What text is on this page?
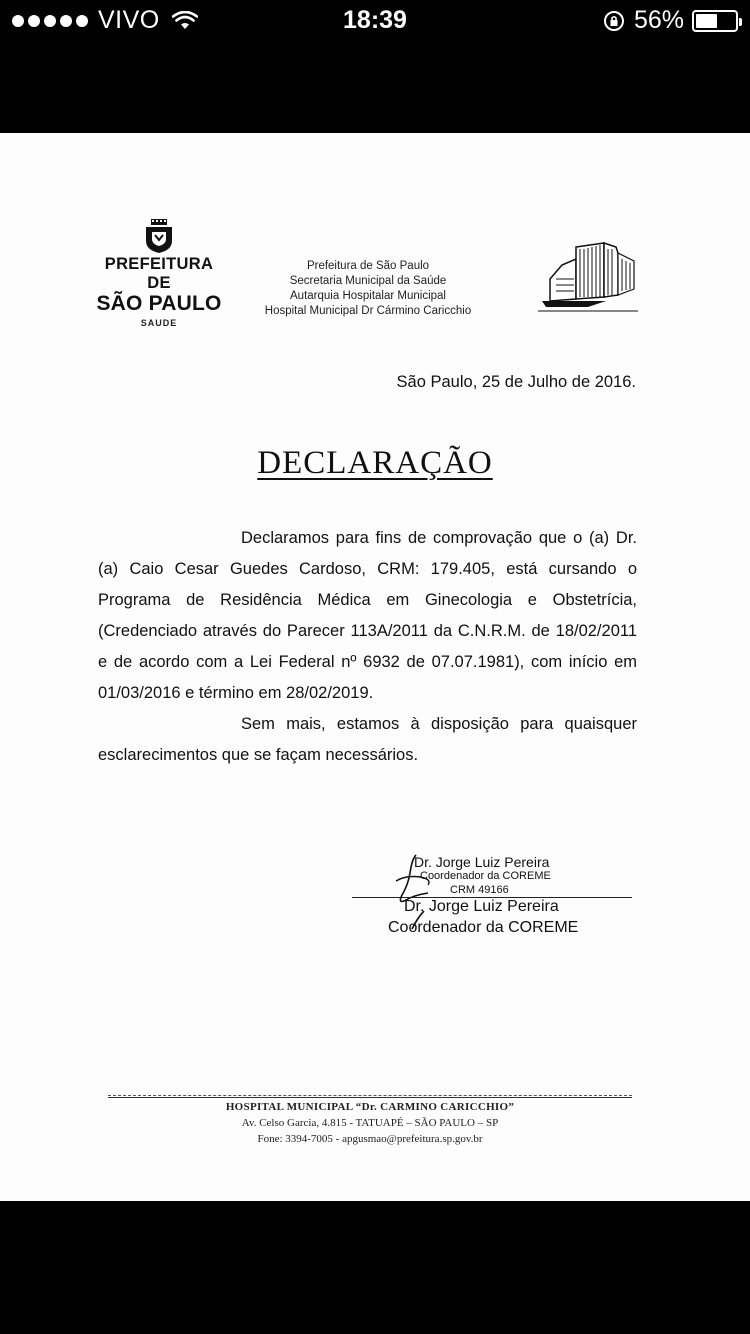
VIVO	18:39	56%
PREFEITURA DE
SÃO PAULO
SAUDE
Prefeitura de São Paulo
Secretaria Municipal da Saúde
Autarquia Hospitalar Municipal
Hospital Municipal Dr Cármino Caricchio
São Paulo, 25 de Julho de 2016.
DECLARAÇÃO

Declaramos para fins de comprovação que o (a) Dr. (a) Caio Cesar Guedes Cardoso, CRM: 179.405, está cursando o Programa de Residência Médica em Ginecologia e Obstetrícia, (Credenciado através do Parecer 113A/2011 da C.N.R.M. de 18/02/2011 e de acordo com a Lei Federal nº 6932 de 07.07.1981), com início em 01/03/2016 e término em 28/02/2019.

Sem mais, estamos à disposição para quaisquer esclarecimentos que se façam necessários.

Dr. Jorge Luiz Pereira
Coordenador da COREME
CRM 49166
Dr. Jorge Luiz Pereira
Coordenador da COREME
HOSPITAL MUNICIPAL “Dr. CARMINO CARICCHIO”
Av. Celso Garcia, 4.815 - TATUAPÉ – SÃO PAULO – SP
Fone: 3394-7005 - apgusmao@prefeitura.sp.gov.br
